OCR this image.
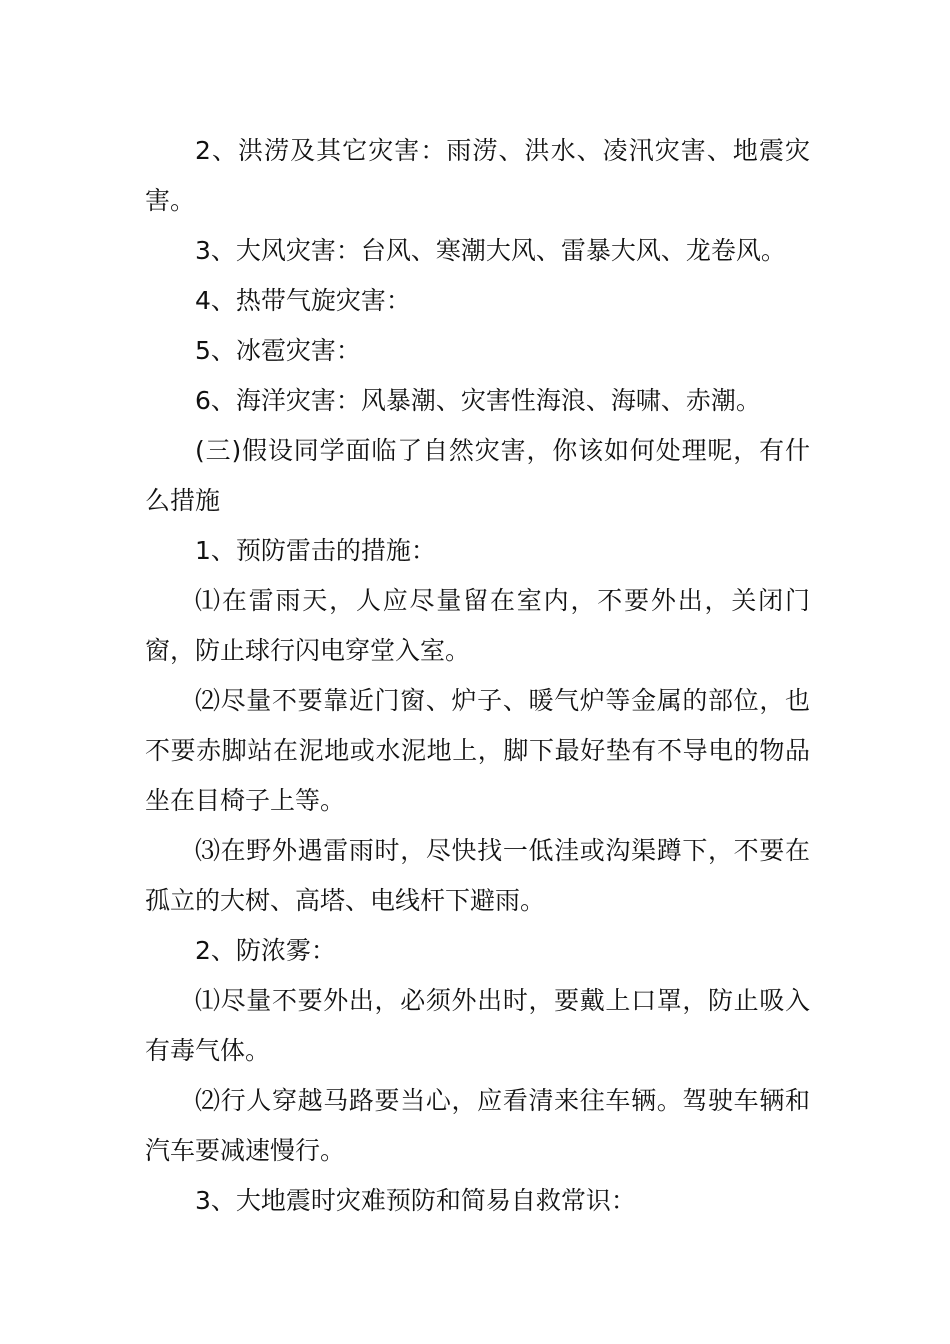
2、洪涝及其它灾害：雨涝、洪水、凌汛灾害、地震灾害。

3、大风灾害：台风、寒潮大风、雷暴大风、龙卷风。

4、热带气旋灾害：

5、冰雹灾害：

6、海洋灾害：风暴潮、灾害性海浪、海啸、赤潮。

(三)假设同学面临了自然灾害，你该如何处理呢，有什么措施

1、预防雷击的措施：

⑴在雷雨天，人应尽量留在室内，不要外出，关闭门窗，防止球行闪电穿堂入室。

⑵尽量不要靠近门窗、炉子、暖气炉等金属的部位，也不要赤脚站在泥地或水泥地上，脚下最好垫有不导电的物品坐在目椅子上等。

⑶在野外遇雷雨时，尽快找一低洼或沟渠蹲下，不要在孤立的大树、高塔、电线杆下避雨。

2、防浓雾：

⑴尽量不要外出，必须外出时，要戴上口罩，防止吸入有毒气体。

⑵行人穿越马路要当心，应看清来往车辆。驾驶车辆和汽车要减速慢行。

3、大地震时灾难预防和简易自救常识：
